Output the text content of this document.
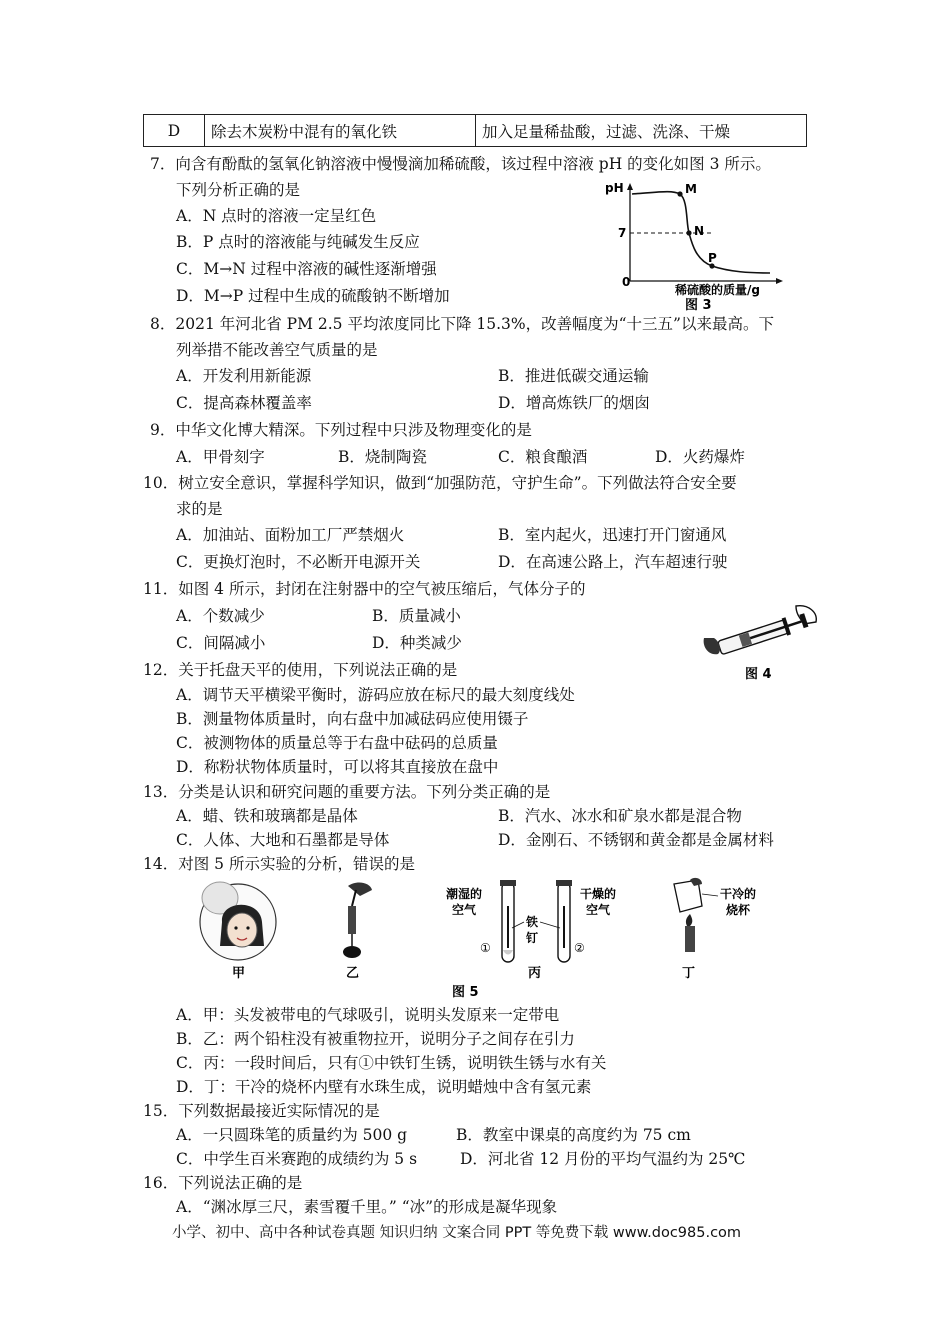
D	除去木炭粉中混有的氧化铁	加入足量稀盐酸，过滤、洗涤、干燥
7．向含有酚酞的氢氧化钠溶液中慢慢滴加稀硫酸，该过程中溶液 pH 的变化如图 3 所示。
下列分析正确的是
A．N 点时的溶液一定呈红色
B．P 点时的溶液能与纯碱发生反应
C．M→N 过程中溶液的碱性逐渐增强
D．M→P 过程中生成的硫酸钠不断增加
pH
7
0
M
N
P
稀硫酸的质量/g
图 3
8．2021 年河北省 PM 2.5 平均浓度同比下降 15.3%，改善幅度为“十三五”以来最高。下
列举措不能改善空气质量的是
A．开发利用新能源	B．推进低碳交通运输
C．提高森林覆盖率	D．增高炼铁厂的烟囱
9．中华文化博大精深。下列过程中只涉及物理变化的是
A．甲骨刻字	B．烧制陶瓷	C．粮食酿酒	D．火药爆炸
10．树立安全意识，掌握科学知识，做到“加强防范，守护生命”。下列做法符合安全要
求的是
A．加油站、面粉加工厂严禁烟火	B．室内起火，迅速打开门窗通风
C．更换灯泡时，不必断开电源开关	D．在高速公路上，汽车超速行驶
11．如图 4 所示，封闭在注射器中的空气被压缩后，气体分子的
A．个数减少	B．质量减小
C．间隔减小	D．种类减少
图 4
12．关于托盘天平的使用，下列说法正确的是
A．调节天平横梁平衡时，游码应放在标尺的最大刻度线处
B．测量物体质量时，向右盘中加减砝码应使用镊子
C．被测物体的质量总等于右盘中砝码的总质量
D．称粉状物体质量时，可以将其直接放在盘中
13．分类是认识和研究问题的重要方法。下列分类正确的是
A．蜡、铁和玻璃都是晶体	B．汽水、冰水和矿泉水都是混合物
C．人体、大地和石墨都是导体	D．金刚石、不锈钢和黄金都是金属材料
14．对图 5 所示实验的分析，错误的是
甲	乙
潮湿的
空气
铁
钉
①	②
干燥的
空气
丙
干冷的
烧杯
丁
图 5
A．甲：头发被带电的气球吸引，说明头发原来一定带电
B．乙：两个铅柱没有被重物拉开，说明分子之间存在引力
C．丙：一段时间后，只有①中铁钉生锈，说明铁生锈与水有关
D．丁：干冷的烧杯内壁有水珠生成，说明蜡烛中含有氢元素
15．下列数据最接近实际情况的是
A．一只圆珠笔的质量约为 500 g	B．教室中课桌的高度约为 75 cm
C．中学生百米赛跑的成绩约为 5 s	D．河北省 12 月份的平均气温约为 25℃
16．下列说法正确的是
A．“渊冰厚三尺，素雪覆千里。” “冰”的形成是凝华现象
小学、初中、高中各种试卷真题 知识归纳 文案合同 PPT 等免费下载 www.doc985.com
